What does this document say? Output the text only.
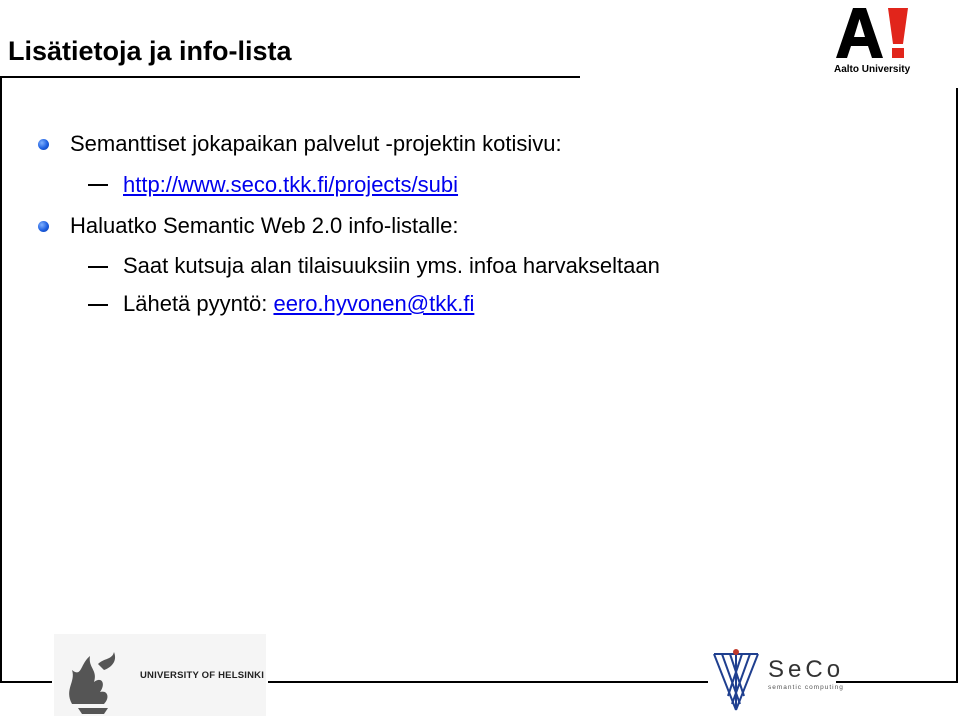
Lisätietoja ja info-lista
Semanttiset jokapaikan palvelut -projektin kotisivu:
http://www.seco.tkk.fi/projects/subi
Haluatko Semantic Web 2.0 info-listalle:
Saat kutsuja alan tilaisuuksiin yms. infoa harvakseltaan
Lähetä pyyntö: eero.hyvonen@tkk.fi
Aalto University
UNIVERSITY OF HELSINKI	SeCo
semantic computing
